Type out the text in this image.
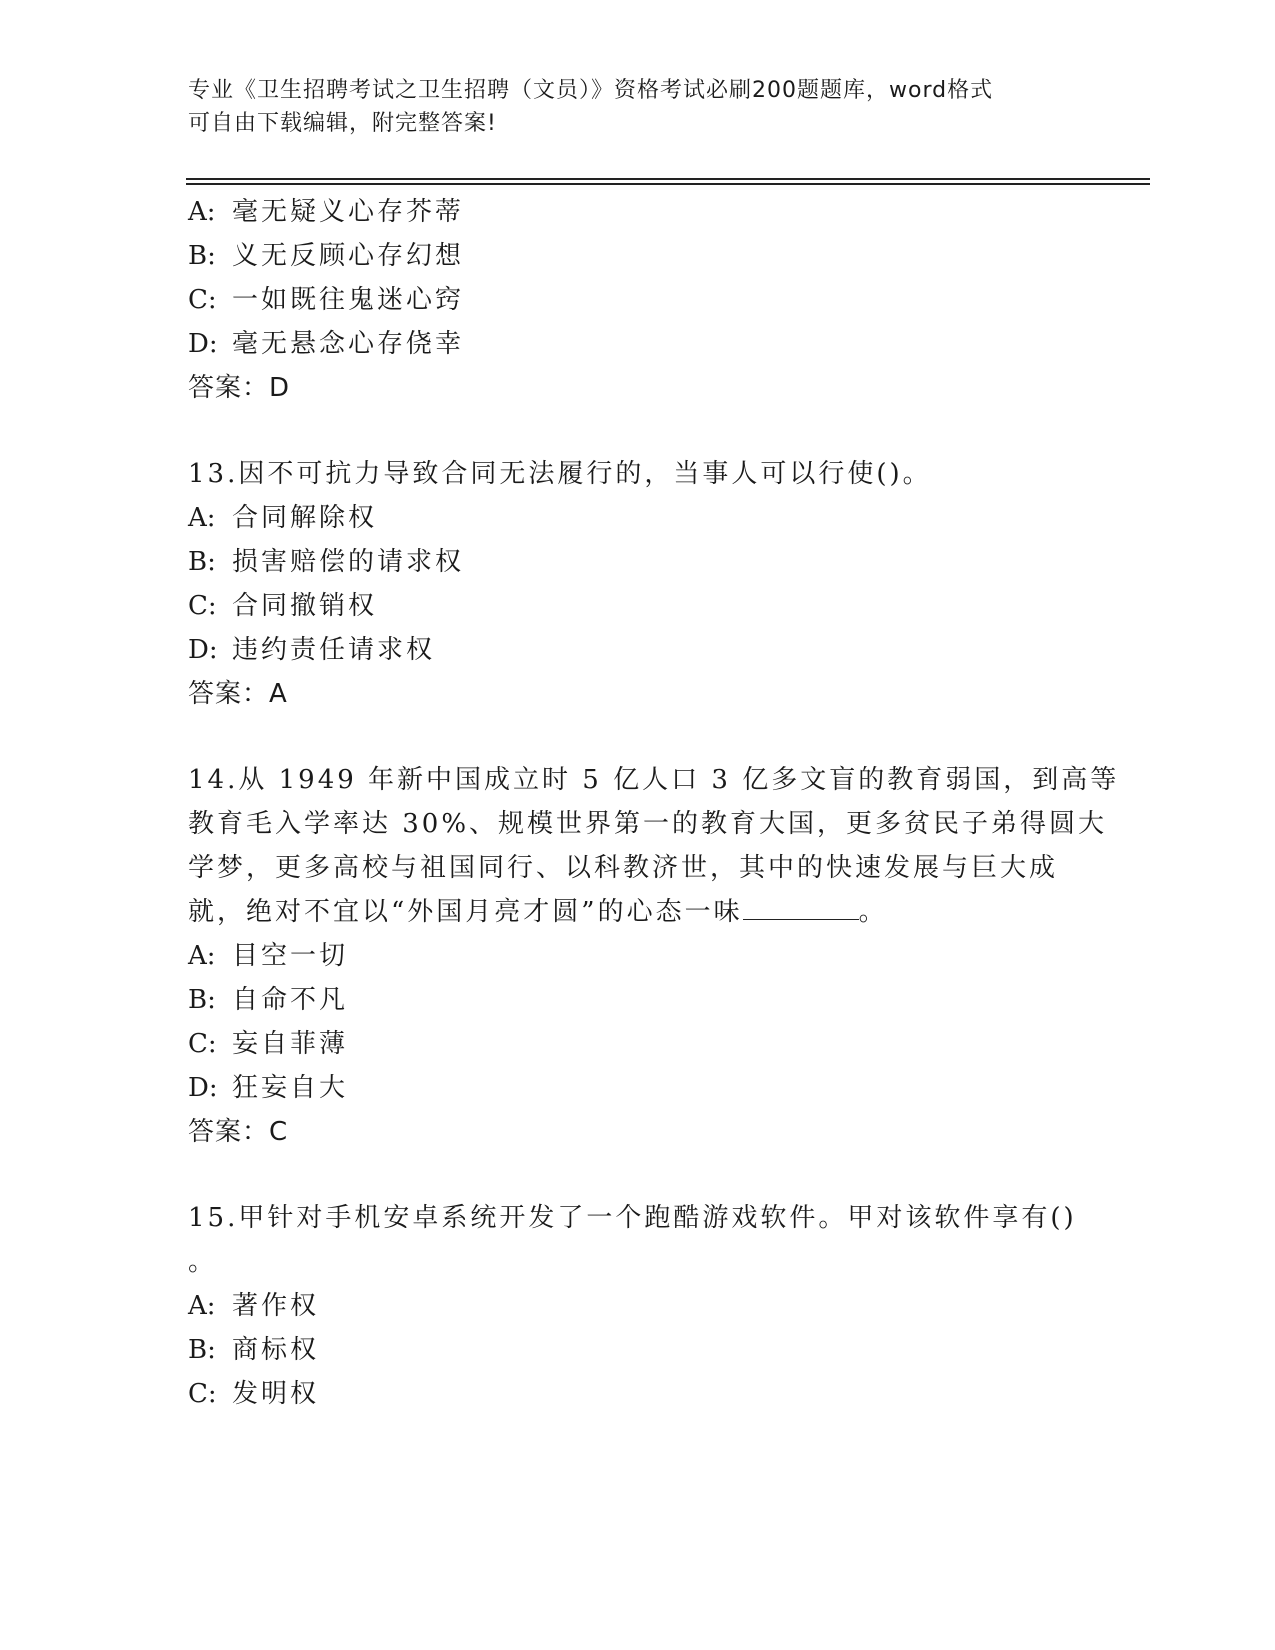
专业《卫生招聘考试之卫生招聘（文员）》资格考试必刷200题题库，word格式
可自由下载编辑，附完整答案!
A: 毫无疑义心存芥蒂
B: 义无反顾心存幻想
C: 一如既往鬼迷心窍
D: 毫无悬念心存侥幸
答案：D
13.因不可抗力导致合同无法履行的，当事人可以行使()。
A: 合同解除权
B: 损害赔偿的请求权
C: 合同撤销权
D: 违约责任请求权
答案：A
14.从 1949 年新中国成立时 5 亿人口 3 亿多文盲的教育弱国，到高等
教育毛入学率达 30%、规模世界第一的教育大国，更多贫民子弟得圆大
学梦，更多高校与祖国同行、以科教济世，其中的快速发展与巨大成
就，绝对不宜以“外国月亮才圆”的心态一味	。
A: 目空一切
B: 自命不凡
C: 妄自菲薄
D: 狂妄自大
答案：C
15.甲针对手机安卓系统开发了一个跑酷游戏软件。甲对该软件享有()
。
A: 著作权
B: 商标权
C: 发明权
